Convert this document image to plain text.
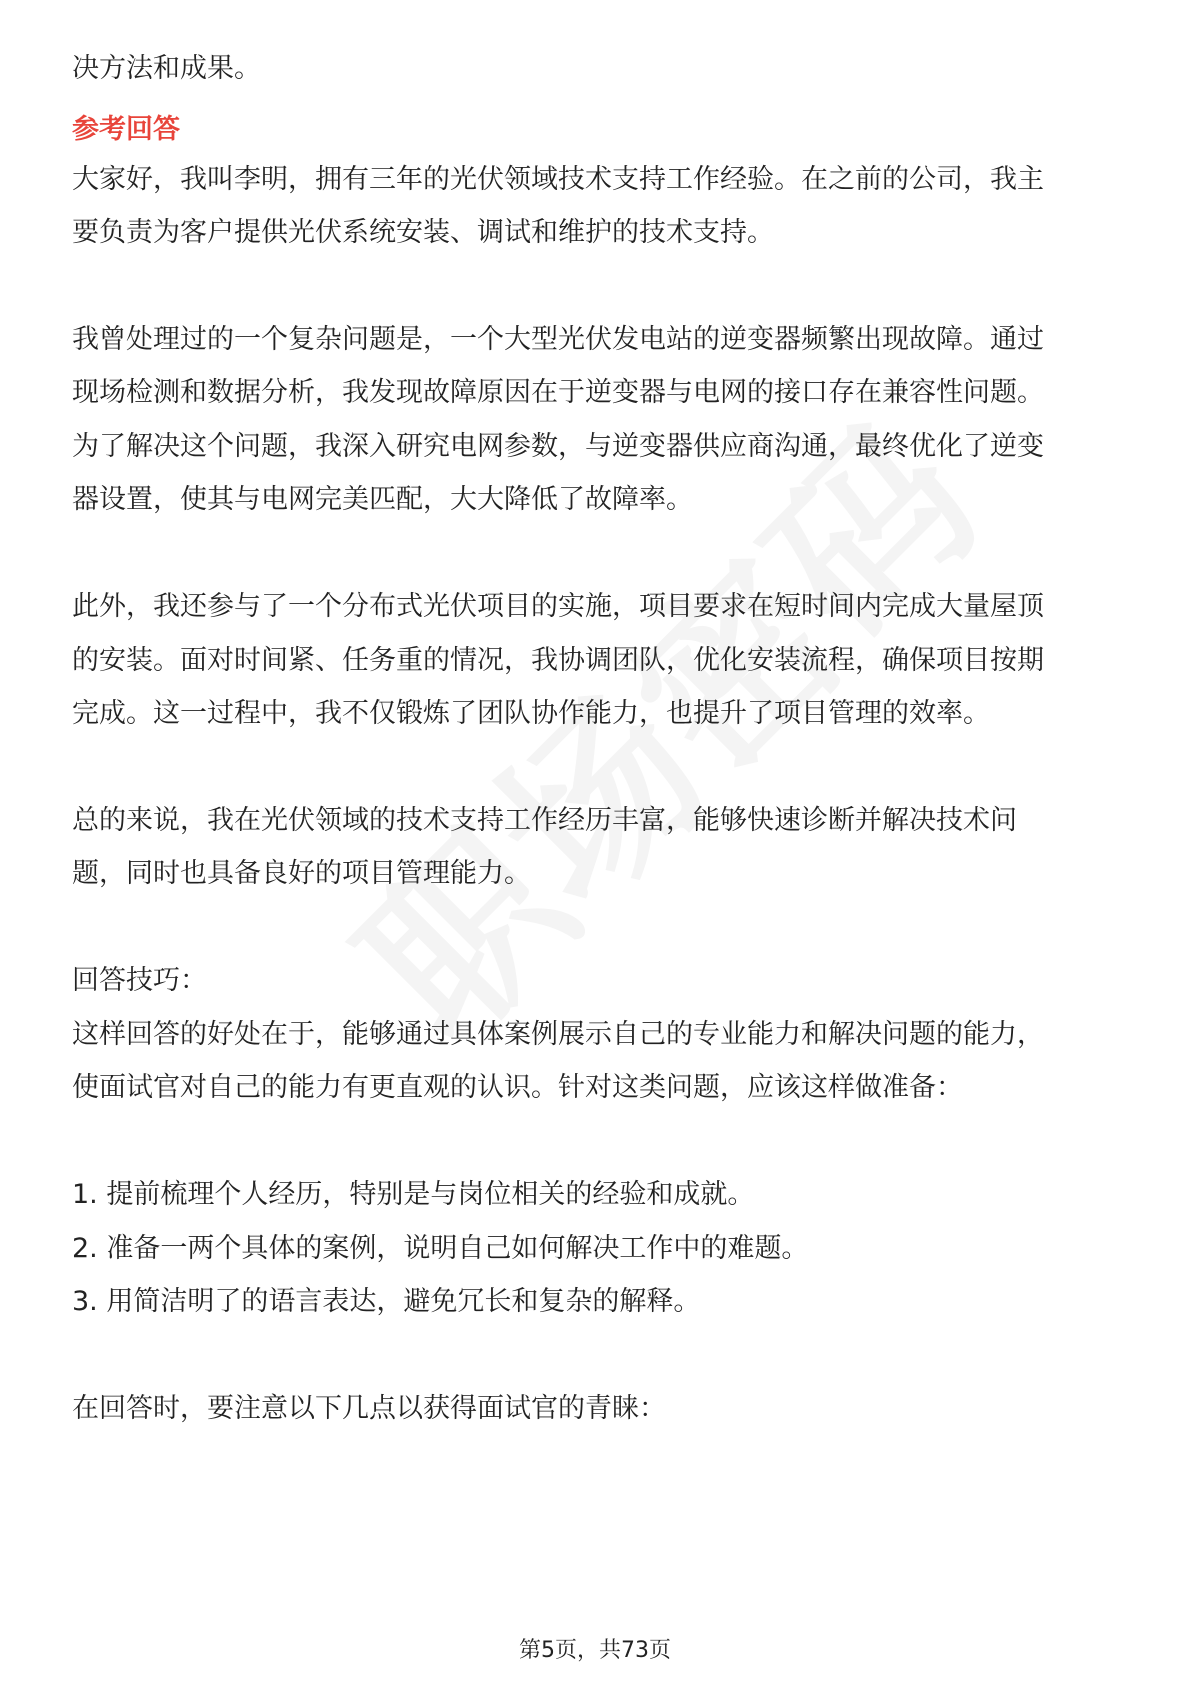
决方法和成果。
参考回答
大家好，我叫李明，拥有三年的光伏领域技术支持工作经验。在之前的公司，我主
要负责为客户提供光伏系统安装、调试和维护的技术支持。
我曾处理过的一个复杂问题是，一个大型光伏发电站的逆变器频繁出现故障。通过
现场检测和数据分析，我发现故障原因在于逆变器与电网的接口存在兼容性问题。
为了解决这个问题，我深入研究电网参数，与逆变器供应商沟通，最终优化了逆变
器设置，使其与电网完美匹配，大大降低了故障率。
此外，我还参与了一个分布式光伏项目的实施，项目要求在短时间内完成大量屋顶
的安装。面对时间紧、任务重的情况，我协调团队，优化安装流程，确保项目按期
完成。这一过程中，我不仅锻炼了团队协作能力，也提升了项目管理的效率。
总的来说，我在光伏领域的技术支持工作经历丰富，能够快速诊断并解决技术问
题，同时也具备良好的项目管理能力。
回答技巧：
这样回答的好处在于，能够通过具体案例展示自己的专业能力和解决问题的能力，
使面试官对自己的能力有更直观的认识。针对这类问题，应该这样做准备：
1. 提前梳理个人经历，特别是与岗位相关的经验和成就。
2. 准备一两个具体的案例，说明自己如何解决工作中的难题。
3. 用简洁明了的语言表达，避免冗长和复杂的解释。
在回答时，要注意以下几点以获得面试官的青睐：
第5页，共73页
